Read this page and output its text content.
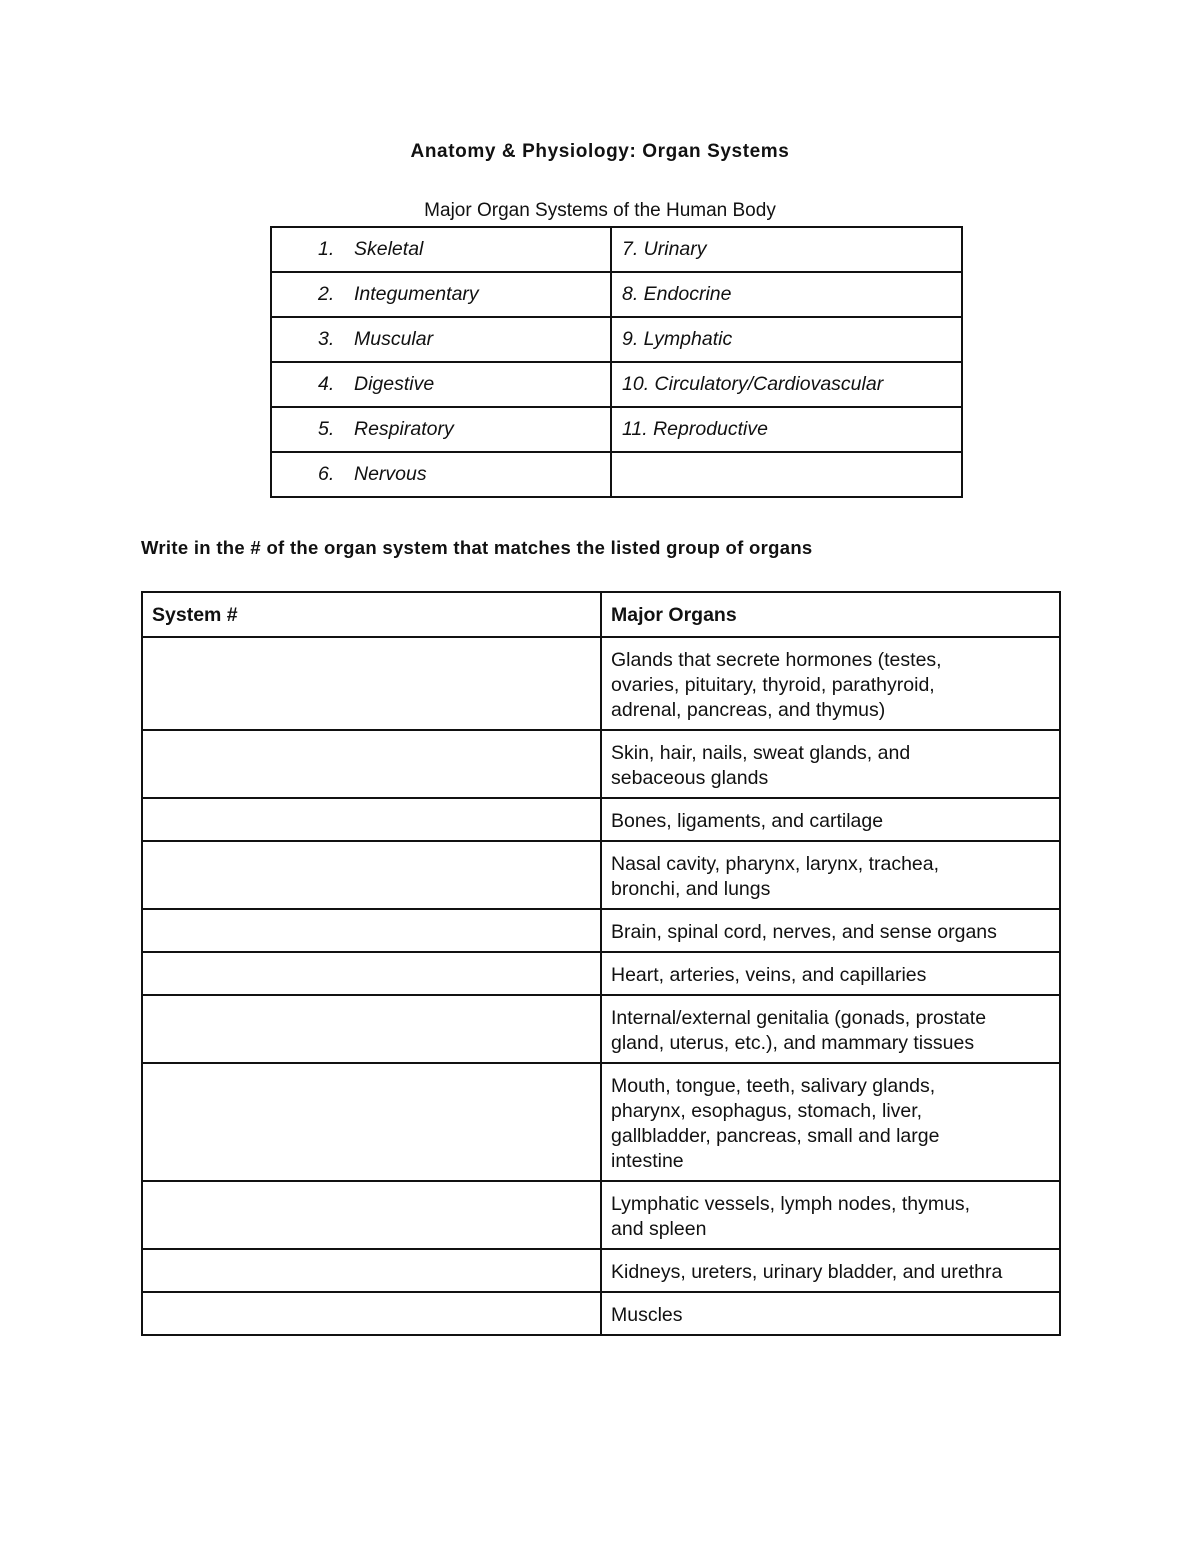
Anatomy & Physiology: Organ Systems
Major Organ Systems of the Human Body
1. Skeletal	7. Urinary
2. Integumentary	8. Endocrine
3. Muscular	9. Lymphatic
4. Digestive	10. Circulatory/Cardiovascular
5. Respiratory	11. Reproductive
6. Nervous	
Write in the # of the organ system that matches the listed group of organs
System #	Major Organs

	Glands that secrete hormones (testes,
ovaries, pituitary, thyroid, parathyroid,
adrenal, pancreas, and thymus)

	Skin, hair, nails, sweat glands, and
sebaceous glands

	Bones, ligaments, and cartilage

	Nasal cavity, pharynx, larynx, trachea,
bronchi, and lungs

	Brain, spinal cord, nerves, and sense organs

	Heart, arteries, veins, and capillaries

	Internal/external genitalia (gonads, prostate
gland, uterus, etc.), and mammary tissues

	Mouth, tongue, teeth, salivary glands,
pharynx, esophagus, stomach, liver,
gallbladder, pancreas, small and large
intestine

	Lymphatic vessels, lymph nodes, thymus,
and spleen

	Kidneys, ureters, urinary bladder, and urethra

	Muscles
